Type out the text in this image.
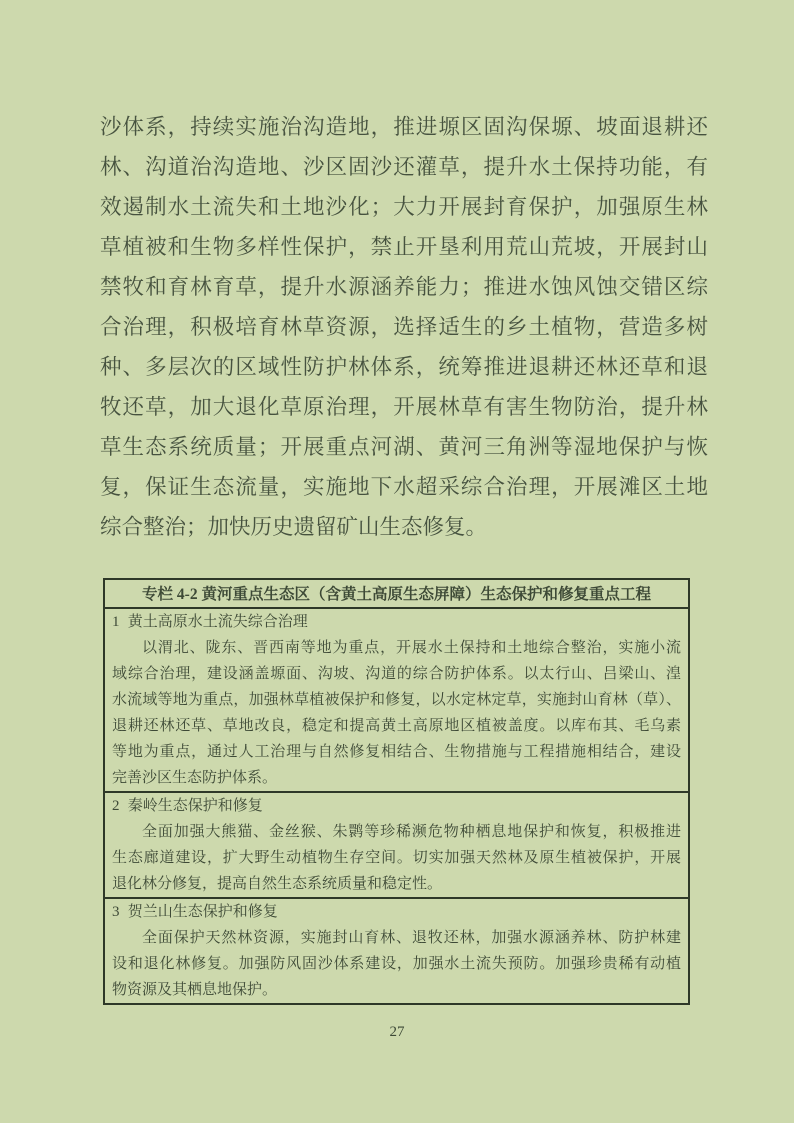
沙体系，持续实施治沟造地，推进塬区固沟保塬、坡面退耕还
林、沟道治沟造地、沙区固沙还灌草，提升水土保持功能，有
效遏制水土流失和土地沙化；大力开展封育保护，加强原生林
草植被和生物多样性保护，禁止开垦利用荒山荒坡，开展封山
禁牧和育林育草，提升水源涵养能力；推进水蚀风蚀交错区综
合治理，积极培育林草资源，选择适生的乡土植物，营造多树
种、多层次的区域性防护林体系，统筹推进退耕还林还草和退
牧还草，加大退化草原治理，开展林草有害生物防治，提升林
草生态系统质量；开展重点河湖、黄河三角洲等湿地保护与恢
复，保证生态流量，实施地下水超采综合治理，开展滩区土地
综合整治；加快历史遗留矿山生态修复。
专栏 4-2 黄河重点生态区（含黄土高原生态屏障）生态保护和修复重点工程
1 黄土高原水土流失综合治理
以渭北、陇东、晋西南等地为重点，开展水土保持和土地综合整治，实施小流
域综合治理，建设涵盖塬面、沟坡、沟道的综合防护体系。以太行山、吕梁山、湟
水流域等地为重点，加强林草植被保护和修复，以水定林定草，实施封山育林（草）、
退耕还林还草、草地改良，稳定和提高黄土高原地区植被盖度。以库布其、毛乌素
等地为重点，通过人工治理与自然修复相结合、生物措施与工程措施相结合，建设
完善沙区生态防护体系。
2 秦岭生态保护和修复
全面加强大熊猫、金丝猴、朱鹮等珍稀濒危物种栖息地保护和恢复，积极推进
生态廊道建设，扩大野生动植物生存空间。切实加强天然林及原生植被保护，开展
退化林分修复，提高自然生态系统质量和稳定性。
3 贺兰山生态保护和修复
全面保护天然林资源，实施封山育林、退牧还林，加强水源涵养林、防护林建
设和退化林修复。加强防风固沙体系建设，加强水土流失预防。加强珍贵稀有动植
物资源及其栖息地保护。
27
